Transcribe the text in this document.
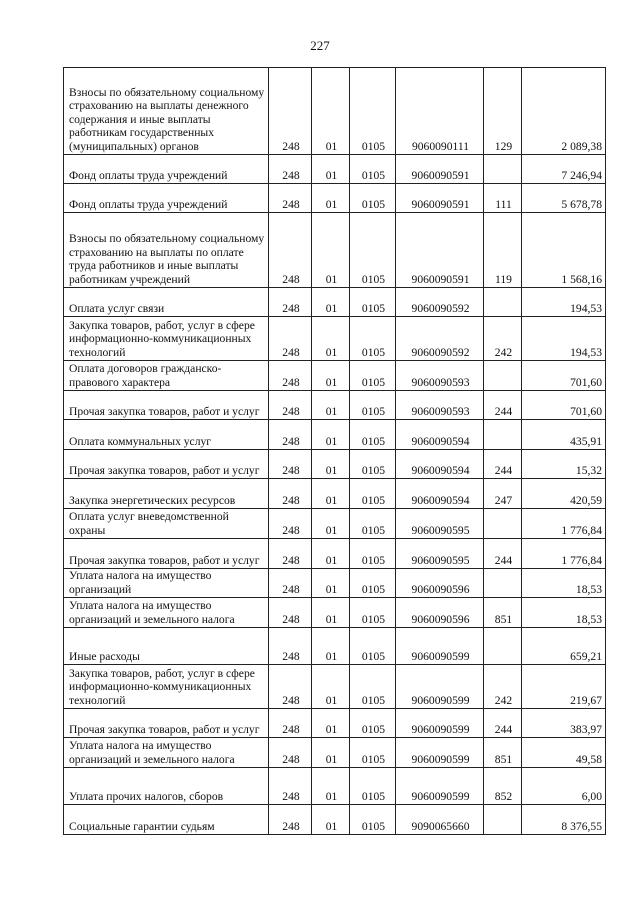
227
Взносы по обязательному социальному страхованию на выплаты денежного содержания и иные выплаты работникам государственных (муниципальных) органов	248	01	0105	9060090111	129	2 089,38
Фонд оплаты труда учреждений	248	01	0105	9060090591		7 246,94
Фонд оплаты труда учреждений	248	01	0105	9060090591	111	5 678,78
Взносы по обязательному социальному страхованию на выплаты по оплате труда работников и иные выплаты работникам учреждений	248	01	0105	9060090591	119	1 568,16
Оплата услуг связи	248	01	0105	9060090592		194,53
Закупка товаров, работ, услуг в сфере информационно-коммуникационных технологий	248	01	0105	9060090592	242	194,53
Оплата договоров гражданско-правового характера	248	01	0105	9060090593		701,60
Прочая закупка товаров, работ и услуг	248	01	0105	9060090593	244	701,60
Оплата коммунальных услуг	248	01	0105	9060090594		435,91
Прочая закупка товаров, работ и услуг	248	01	0105	9060090594	244	15,32
Закупка энергетических ресурсов	248	01	0105	9060090594	247	420,59
Оплата услуг вневедомственной охраны	248	01	0105	9060090595		1 776,84
Прочая закупка товаров, работ и услуг	248	01	0105	9060090595	244	1 776,84
Уплата налога на имущество организаций	248	01	0105	9060090596		18,53
Уплата налога на имущество организаций и земельного налога	248	01	0105	9060090596	851	18,53
Иные расходы	248	01	0105	9060090599		659,21
Закупка товаров, работ, услуг в сфере информационно-коммуникационных технологий	248	01	0105	9060090599	242	219,67
Прочая закупка товаров, работ и услуг	248	01	0105	9060090599	244	383,97
Уплата налога на имущество организаций и земельного налога	248	01	0105	9060090599	851	49,58
Уплата прочих налогов, сборов	248	01	0105	9060090599	852	6,00
Социальные гарантии судьям	248	01	0105	9090065660		8 376,55
